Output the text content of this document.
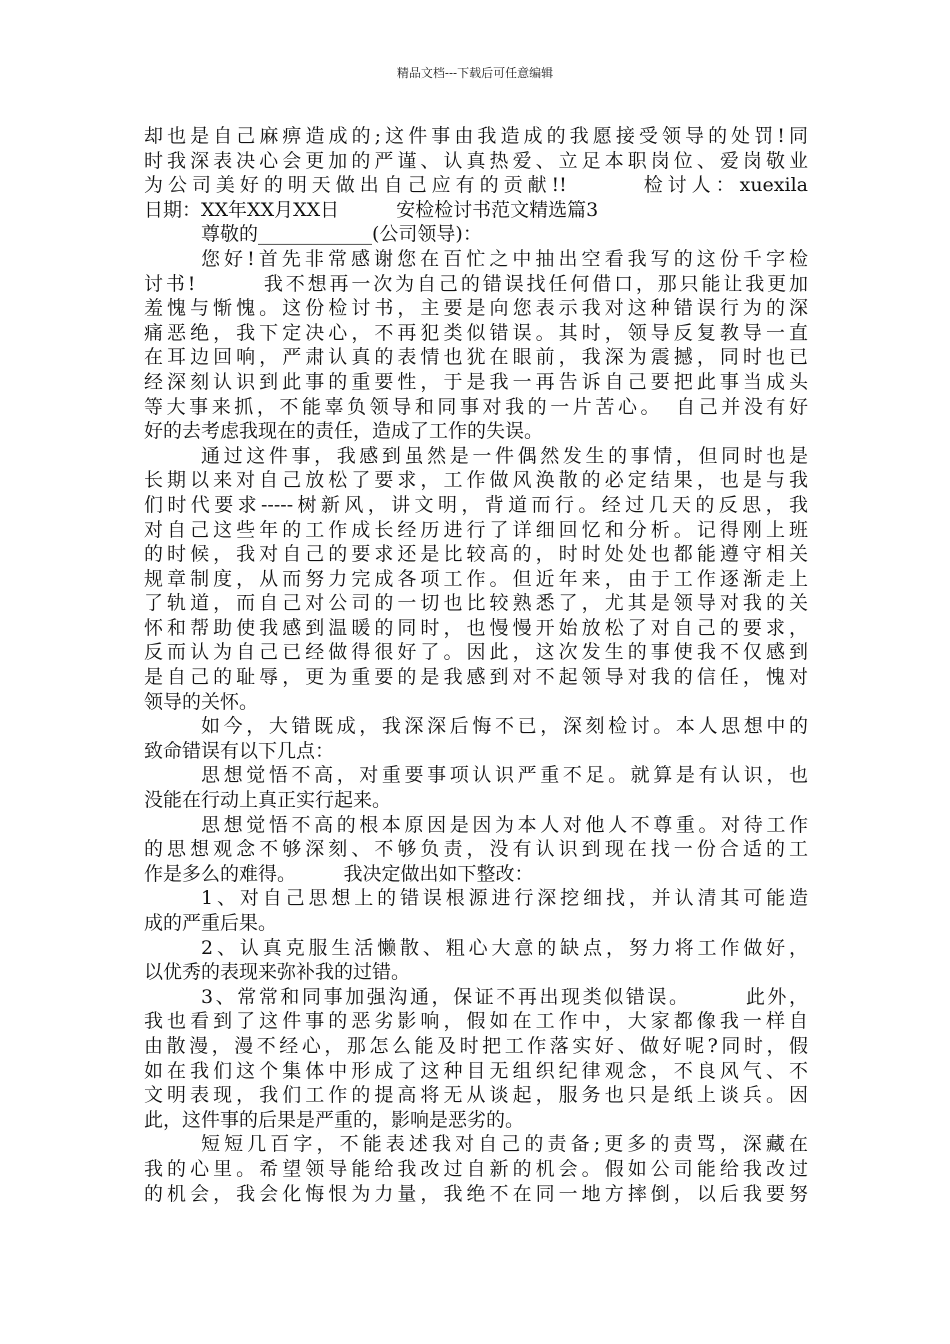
精品文档---下载后可任意编辑
却也是自己麻痹造成的;这件事由我造成的我愿接受领导的处罚!同
时我深表决心会更加的严谨、认真热爱、立足本职岗位、爱岗敬业
为公司美好的明天做出自己应有的贡献!!　　　检讨人：xuexila
日期：XX年XX月XX日　　　安检检讨书范文精选篇3
尊敬的____________(公司领导)：
您好!首先非常感谢您在百忙之中抽出空看我写的这份千字检
讨书!　　　我不想再一次为自己的错误找任何借口，那只能让我更加
羞愧与惭愧。这份检讨书，主要是向您表示我对这种错误行为的深
痛恶绝，我下定决心，不再犯类似错误。其时，领导反复教导一直
在耳边回响，严肃认真的表情也犹在眼前，我深为震撼，同时也已
经深刻认识到此事的重要性，于是我一再告诉自己要把此事当成头
等大事来抓，不能辜负领导和同事对我的一片苦心。　自己并没有好
好的去考虑我现在的责任，造成了工作的失误。
通过这件事，我感到虽然是一件偶然发生的事情，但同时也是
长期以来对自己放松了要求，工作做风涣散的必定结果，也是与我
们时代要求-----树新风，讲文明，背道而行。经过几天的反思，我
对自己这些年的工作成长经历进行了详细回忆和分析。记得刚上班
的时候，我对自己的要求还是比较高的，时时处处也都能遵守相关
规章制度，从而努力完成各项工作。但近年来，由于工作逐渐走上
了轨道，而自己对公司的一切也比较熟悉了，尤其是领导对我的关
怀和帮助使我感到温暖的同时，也慢慢开始放松了对自己的要求，
反而认为自己已经做得很好了。因此，这次发生的事使我不仅感到
是自己的耻辱，更为重要的是我感到对不起领导对我的信任，愧对
领导的关怀。
如今，大错既成，我深深后悔不已，深刻检讨。本人思想中的
致命错误有以下几点：
思想觉悟不高，对重要事项认识严重不足。就算是有认识，也
没能在行动上真正实行起来。
思想觉悟不高的根本原因是因为本人对他人不尊重。对待工作
的思想观念不够深刻、不够负责，没有认识到现在找一份合适的工
作是多么的难得。　　　我决定做出如下整改：
1、对自己思想上的错误根源进行深挖细找，并认清其可能造
成的严重后果。
2、认真克服生活懒散、粗心大意的缺点，努力将工作做好，
以优秀的表现来弥补我的过错。
3、常常和同事加强沟通，保证不再出现类似错误。　　　此外，
我也看到了这件事的恶劣影响，假如在工作中，大家都像我一样自
由散漫，漫不经心，那怎么能及时把工作落实好、做好呢?同时，假
如在我们这个集体中形成了这种目无组织纪律观念，不良风气、不
文明表现，我们工作的提高将无从谈起，服务也只是纸上谈兵。因
此，这件事的后果是严重的，影响是恶劣的。
短短几百字，不能表述我对自己的责备;更多的责骂，深藏在
我的心里。希望领导能给我改过自新的机会。假如公司能给我改过
的机会，我会化悔恨为力量，我绝不在同一地方摔倒，以后我要努
